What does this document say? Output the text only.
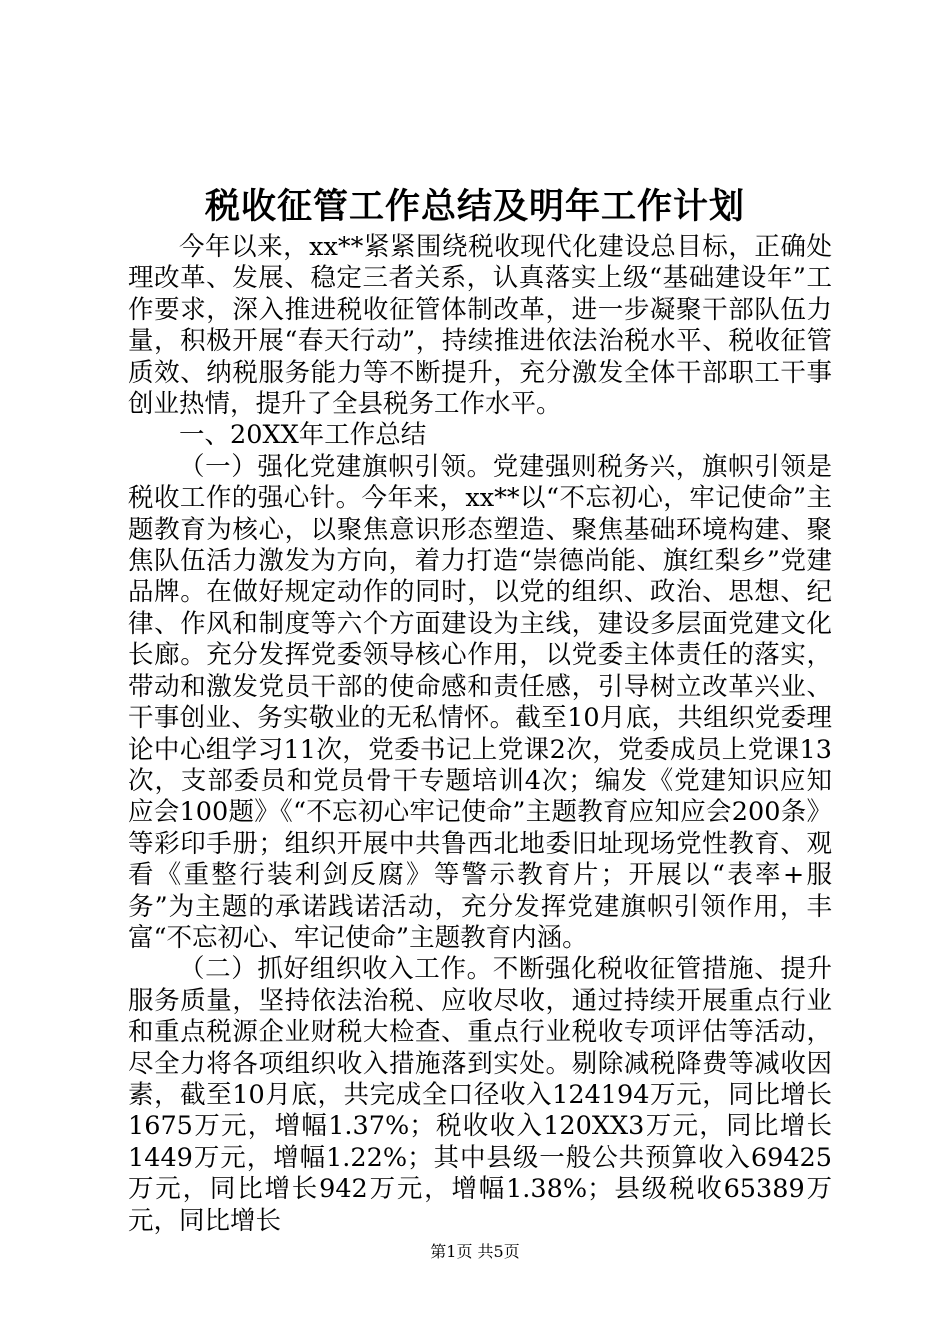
税收征管工作总结及明年工作计划

今年以来，xx**紧紧围绕税收现代化建设总目标，正确处理改革、发展、稳定三者关系，认真落实上级“基础建设年”工作要求，深入推进税收征管体制改革，进一步凝聚干部队伍力量，积极开展“春天行动”，持续推进依法治税水平、税收征管质效、纳税服务能力等不断提升，充分激发全体干部职工干事创业热情，提升了全县税务工作水平。

一、20XX年工作总结

（一）强化党建旗帜引领。党建强则税务兴，旗帜引领是税收工作的强心针。今年来，xx**以“不忘初心，牢记使命”主题教育为核心，以聚焦意识形态塑造、聚焦基础环境构建、聚焦队伍活力激发为方向，着力打造“崇德尚能、旗红梨乡”党建品牌。在做好规定动作的同时，以党的组织、政治、思想、纪律、作风和制度等六个方面建设为主线，建设多层面党建文化长廊。充分发挥党委领导核心作用，以党委主体责任的落实，带动和激发党员干部的使命感和责任感，引导树立改革兴业、干事创业、务实敬业的无私情怀。截至10月底，共组织党委理论中心组学习11次，党委书记上党课2次，党委成员上党课13次，支部委员和党员骨干专题培训4次；编发《党建知识应知应会100题》《“不忘初心牢记使命”主题教育应知应会200条》等彩印手册；组织开展中共鲁西北地委旧址现场党性教育、观看《重整行装利剑反腐》等警示教育片；开展以“表率+服务”为主题的承诺践诺活动，充分发挥党建旗帜引领作用，丰富“不忘初心、牢记使命”主题教育内涵。

（二）抓好组织收入工作。不断强化税收征管措施、提升服务质量，坚持依法治税、应收尽收，通过持续开展重点行业和重点税源企业财税大检查、重点行业税收专项评估等活动，尽全力将各项组织收入措施落到实处。剔除减税降费等减收因素，截至10月底，共完成全口径收入124194万元，同比增长1675万元，增幅1.37%；税收收入120XX3万元，同比增长1449万元，增幅1.22%；其中县级一般公共预算收入69425万元，同比增长942万元，增幅1.38%；县级税收65389万元，同比增长

第1页 共5页
